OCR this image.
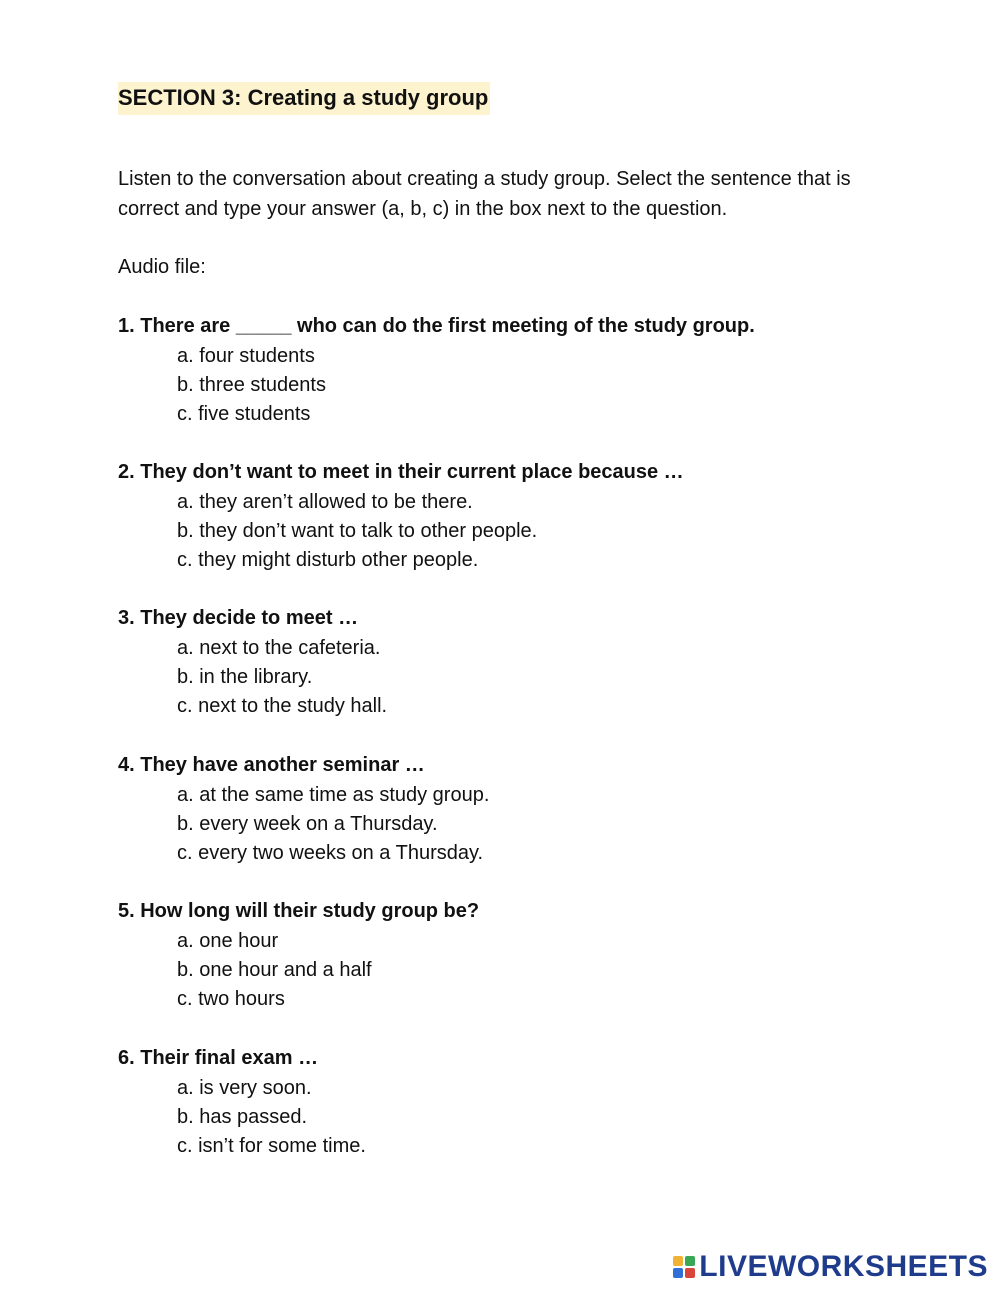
SECTION 3: Creating a study group

Listen to the conversation about creating a study group. Select the sentence that is correct and type your answer (a, b, c) in the box next to the question.

Audio file:
1. There are _____ who can do the first meeting of the study group.
a. four students
b. three students
c. five students
2. They don’t want to meet in their current place because …
a. they aren’t allowed to be there.
b. they don’t want to talk to other people.
c. they might disturb other people.
3. They decide to meet …
a. next to the cafeteria.
b. in the library.
c. next to the study hall.
4. They have another seminar …
a. at the same time as study group.
b. every week on a Thursday.
c. every two weeks on a Thursday.
5. How long will their study group be?
a. one hour
b. one hour and a half
c. two hours
6. Their final exam …
a. is very soon.
b. has passed.
c. isn’t for some time.
LIVEWORKSHEETS
